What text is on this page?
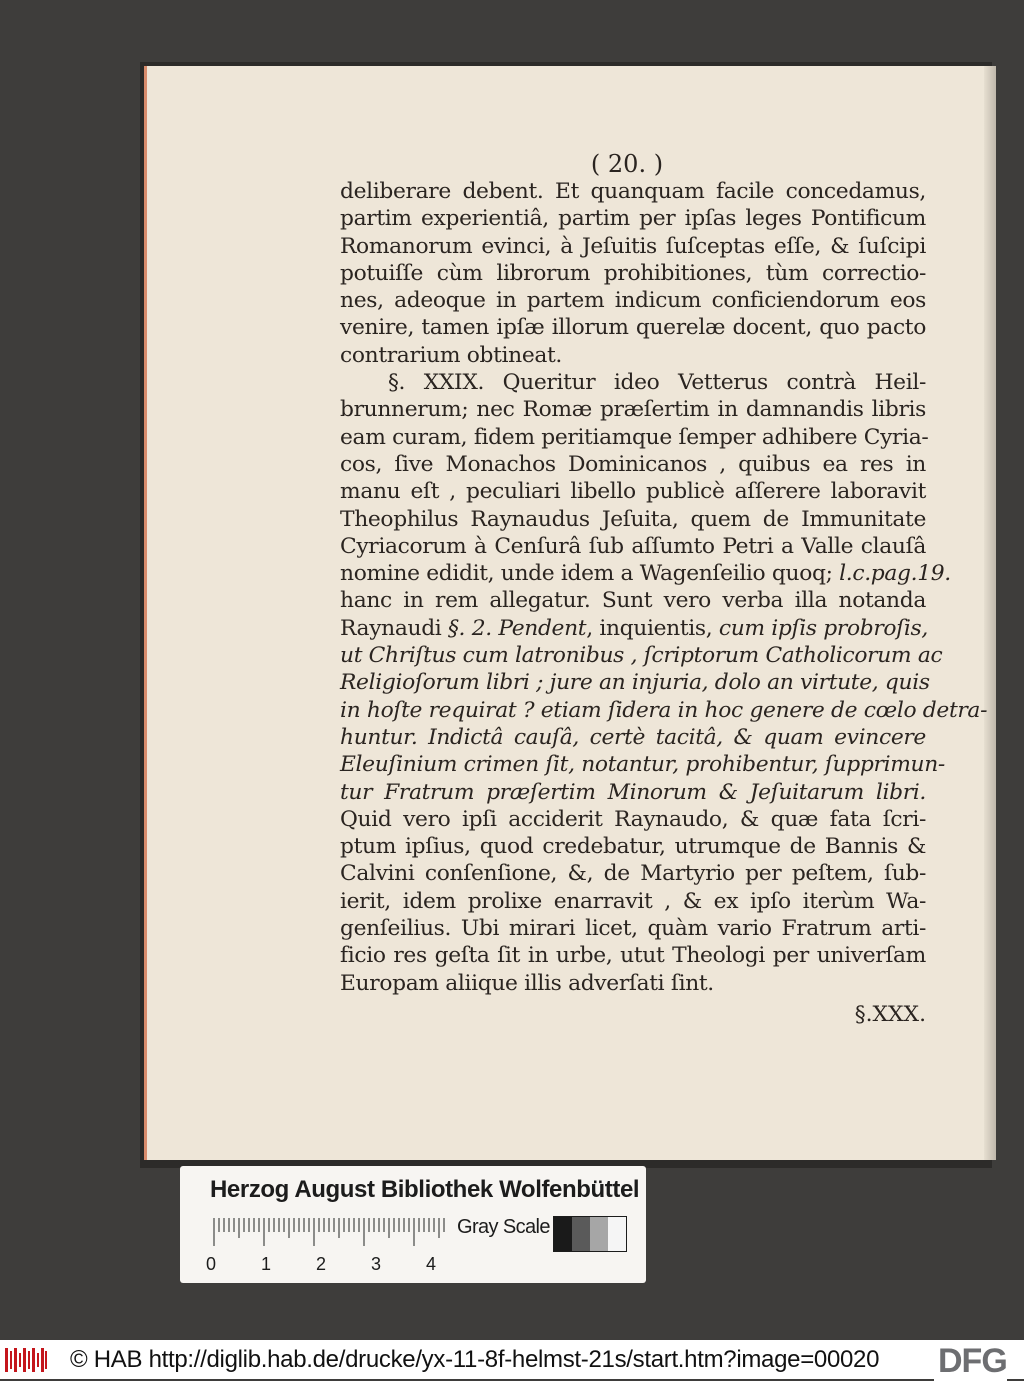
( 20. )
deliberare debent. Et quanquam facile concedamus,
partim experientiâ, partim per ipſas leges Pontificum
Romanorum evinci, à Jeſuitis ſuſceptas eſſe, & ſuſcipi
potuiſſe cùm librorum prohibitiones, tùm correctio-
nes, adeoque in partem indicum conficiendorum eos
venire, tamen ipſæ illorum querelæ docent, quo pacto
contrarium obtineat.
§. XXIX. Queritur ideo Vetterus contrà Heil-
brunnerum; nec Romæ præſertim in damnandis libris
eam curam, fidem peritiamque ſemper adhibere Cyria-
cos, ſive Monachos Dominicanos , quibus ea res in
manu eſt , peculiari libello publicè aſſerere laboravit
Theophilus Raynaudus Jeſuita, quem de Immunitate
Cyriacorum à Cenſurâ ſub aſſumto Petri a Valle clauſâ
nomine edidit, unde idem a Wagenſeilio quoq; l.c.pag.19.
hanc in rem allegatur. Sunt vero verba illa notanda
Raynaudi §. 2. Pendent, inquientis, cum ipſis probroſis,
ut Chriſtus cum latronibus , ſcriptorum Catholicorum ac
Religioſorum libri ; jure an injuria, dolo an virtute, quis
in hoſte requirat ? etiam ſidera in hoc genere de cœlo detra-
huntur. Indictâ cauſâ, certè tacitâ, & quam evincere
Eleuſinium crimen ſit, notantur, prohibentur, ſupprimun-
tur Fratrum præſertim Minorum & Jeſuitarum libri.
Quid vero ipſi acciderit Raynaudo, & quæ fata ſcri-
ptum ipſius, quod credebatur, utrumque de Bannis &
Calvini conſenſione, &, de Martyrio per peſtem, ſub-
ierit, idem prolixe enarravit , & ex ipſo iterùm Wa-
genſeilius. Ubi mirari licet, quàm vario Fratrum arti-
ficio res geſta ſit in urbe, utut Theologi per univerſam
Europam aliique illis adverſati ſint.
§.XXX.
Herzog August Bibliothek Wolfenbüttel
0 1 2 3 4
Gray Scale
© HAB http://diglib.hab.de/drucke/yx-11-8f-helmst-21s/start.htm?image=00020 DFG
